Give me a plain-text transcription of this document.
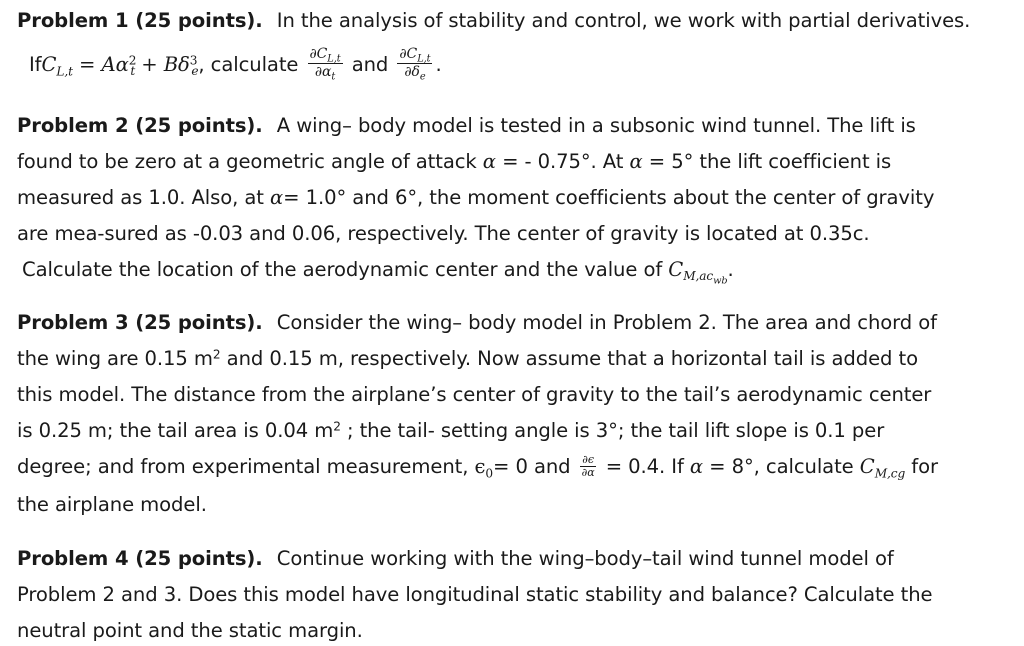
Problem 1 (25 points). In the analysis of stability and control, we work with partial derivatives.
$IfC_{L,t} = A\alpha^2_t + B\delta^3_e$, calculate $\frac{\partial C_{L,t}}{\partial\alpha_t}$ and $\frac{\partial C_{L,t}}{\partial\delta_e}$ .
Problem 2 (25 points). A wing– body model is tested in a subsonic wind tunnel. The lift is
found to be zero at a geometric angle of attack α = - 0.75°. At α = 5° the lift coefficient is
measured as 1.0. Also, at α= 1.0° and 6°, the moment coefficients about the center of gravity
are mea-sured as -0.03 and 0.06, respectively. The center of gravity is located at 0.35c.
Calculate the location of the aerodynamic center and the value of $C_{M,ac_{wb}}$.
Problem 3 (25 points). Consider the wing– body model in Problem 2. The area and chord of
the wing are 0.15 $m^2$ and 0.15 m, respectively. Now assume that a horizontal tail is added to
this model. The distance from the airplane’s center of gravity to the tail’s aerodynamic center
is 0.25 m; the tail area is 0.04 $m^2$ ; the tail- setting angle is 3°; the tail lift slope is 0.1 per
degree; and from experimental measurement, $\epsilon_0= 0$ and $\frac{\partial\epsilon}{\partial\alpha} = 0.4$. If α = 8°, calculate $C_{M,cg}$ for
the airplane model.
Problem 4 (25 points). Continue working with the wing–body–tail wind tunnel model of
Problem 2 and 3. Does this model have longitudinal static stability and balance? Calculate the
neutral point and the static margin.
